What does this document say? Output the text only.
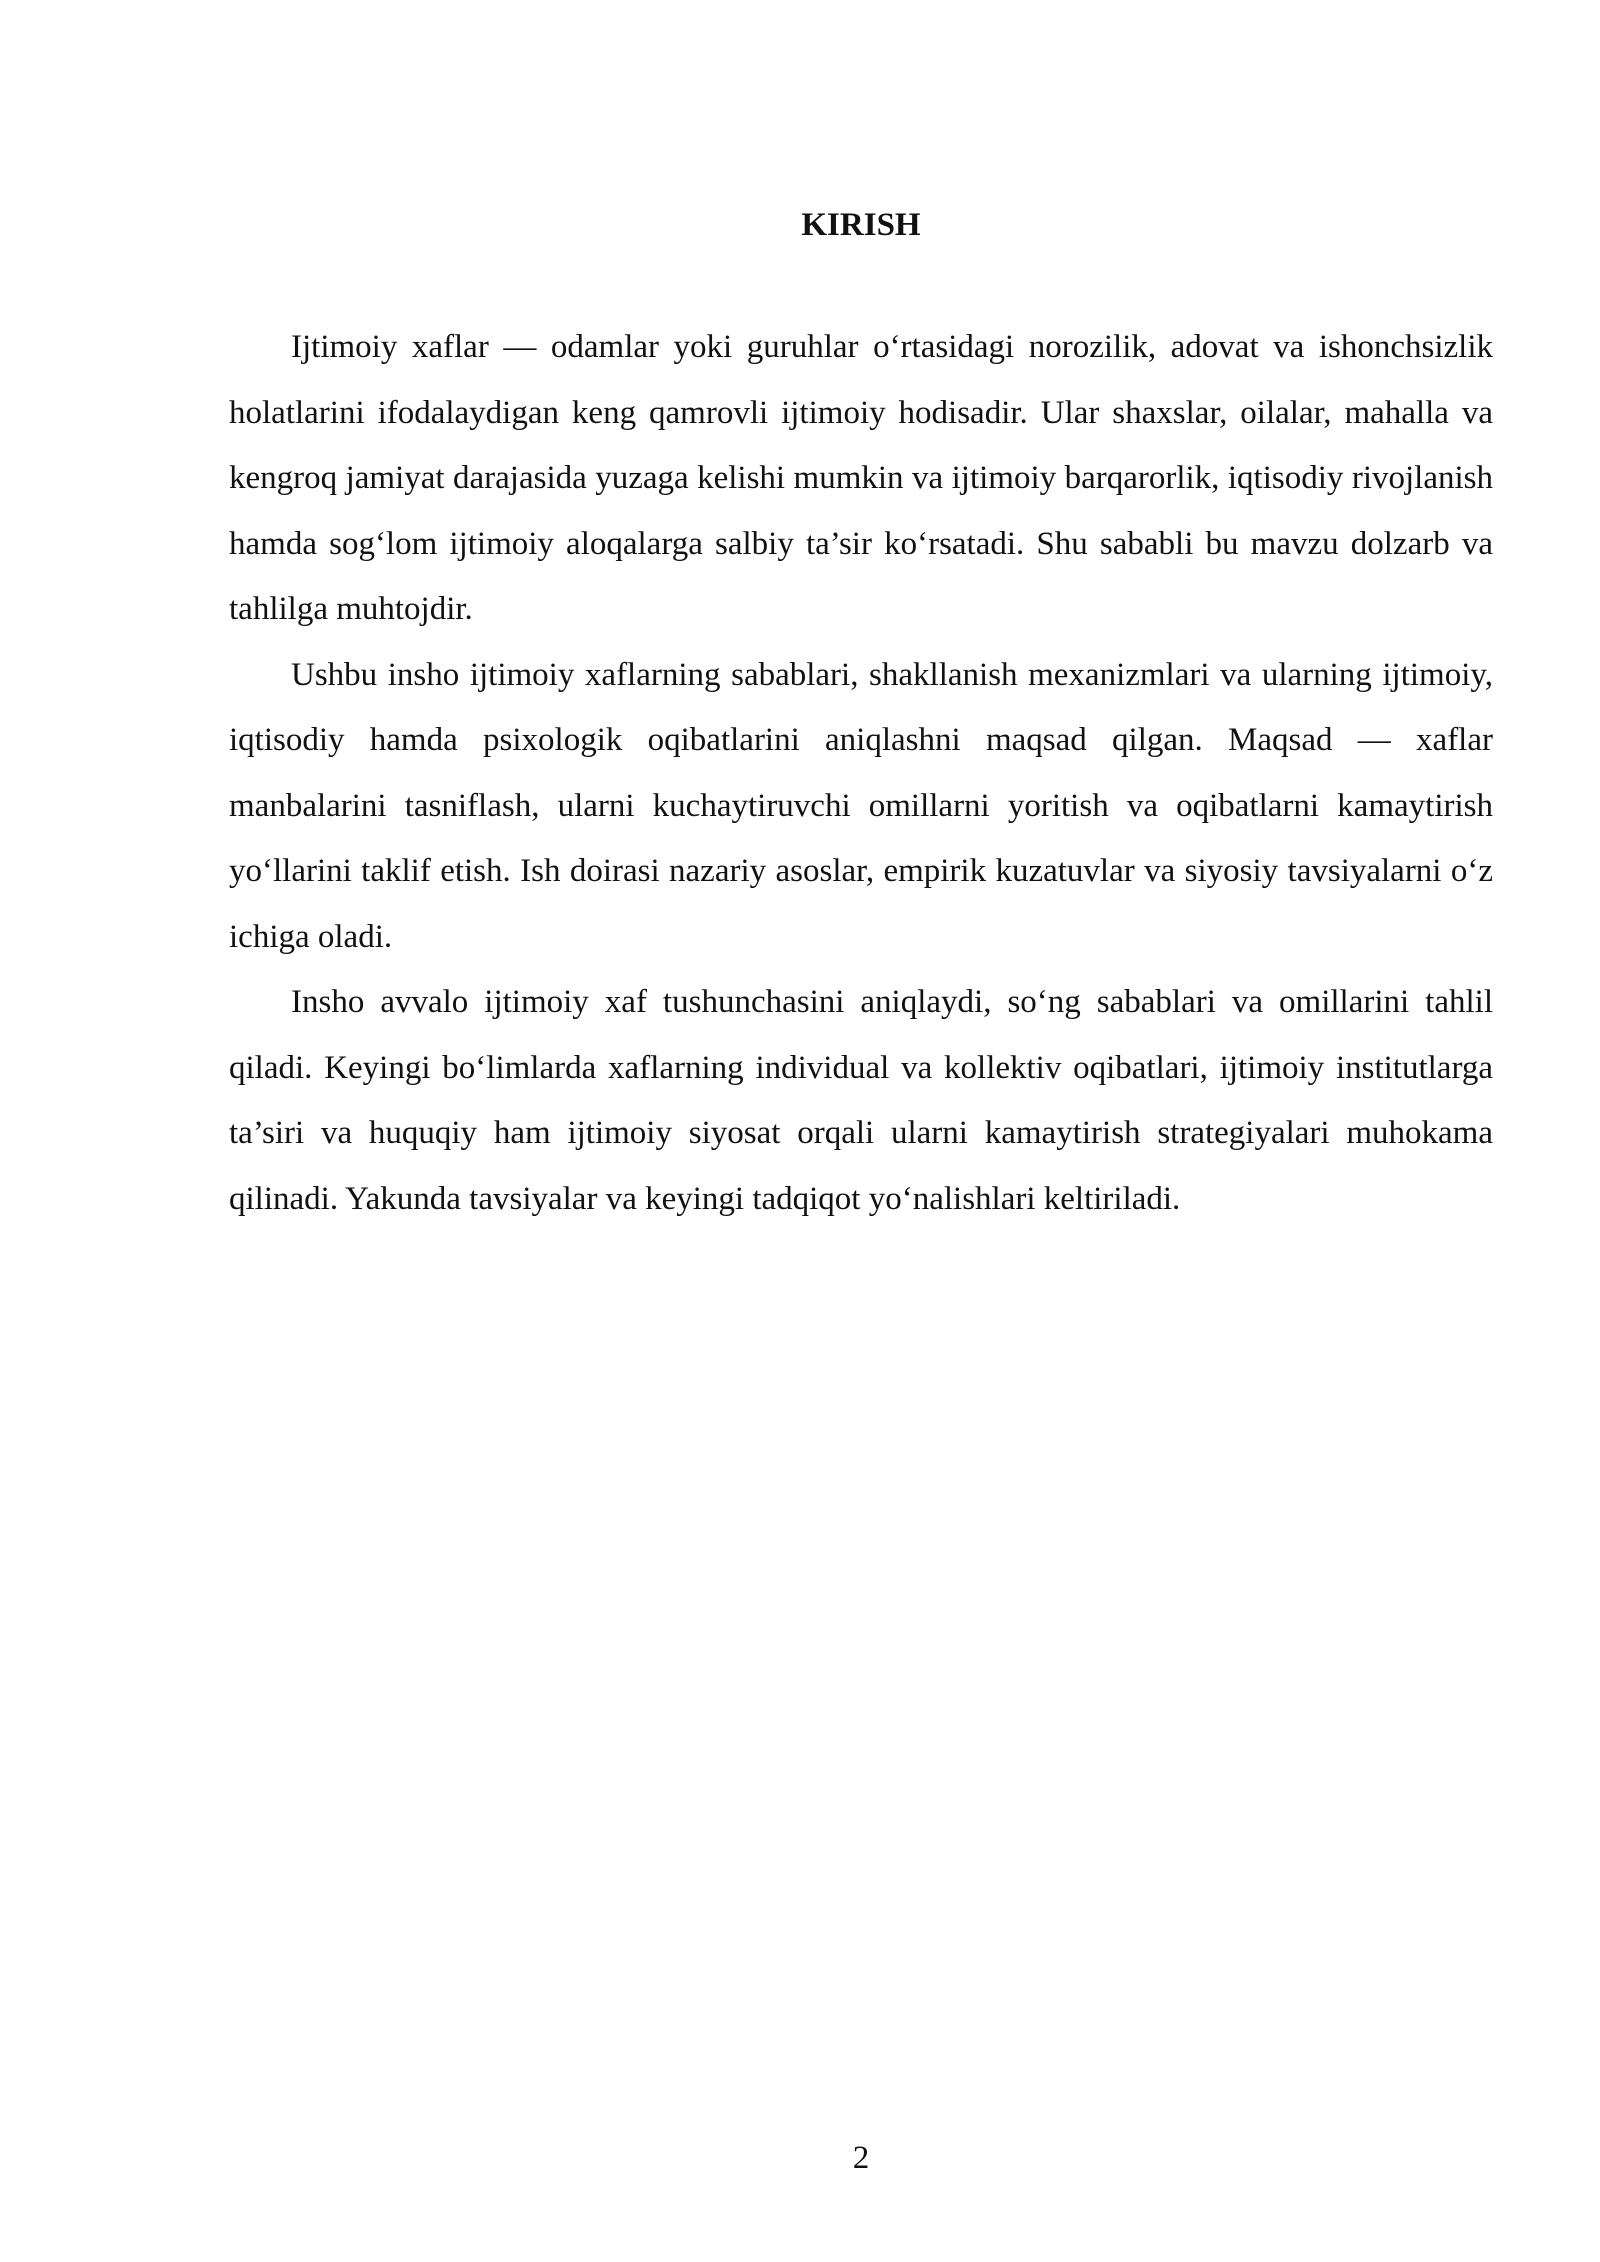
KIRISH

Ijtimoiy xaflar — odamlar yoki guruhlar o‘rtasidagi norozilik, adovat va ishonchsizlik holatlarini ifodalaydigan keng qamrovli ijtimoiy hodisadir. Ular shaxslar, oilalar, mahalla va kengroq jamiyat darajasida yuzaga kelishi mumkin va ijtimoiy barqarorlik, iqtisodiy rivojlanish hamda sog‘lom ijtimoiy aloqalarga salbiy ta’sir ko‘rsatadi. Shu sababli bu mavzu dolzarb va tahlilga muhtojdir.

Ushbu insho ijtimoiy xaflarning sabablari, shakllanish mexanizmlari va ularning ijtimoiy, iqtisodiy hamda psixologik oqibatlarini aniqlashni maqsad qilgan. Maqsad — xaflar manbalarini tasniflash, ularni kuchaytiruvchi omillarni yoritish va oqibatlarni kamaytirish yo‘llarini taklif etish. Ish doirasi nazariy asoslar, empirik kuzatuvlar va siyosiy tavsiyalarni o‘z ichiga oladi.

Insho avvalo ijtimoiy xaf tushunchasini aniqlaydi, so‘ng sabablari va omillarini tahlil qiladi. Keyingi bo‘limlarda xaflarning individual va kollektiv oqibatlari, ijtimoiy institutlarga ta’siri va huquqiy ham ijtimoiy siyosat orqali ularni kamaytirish strategiyalari muhokama qilinadi. Yakunda tavsiyalar va keyingi tadqiqot yo‘nalishlari keltiriladi.

2
